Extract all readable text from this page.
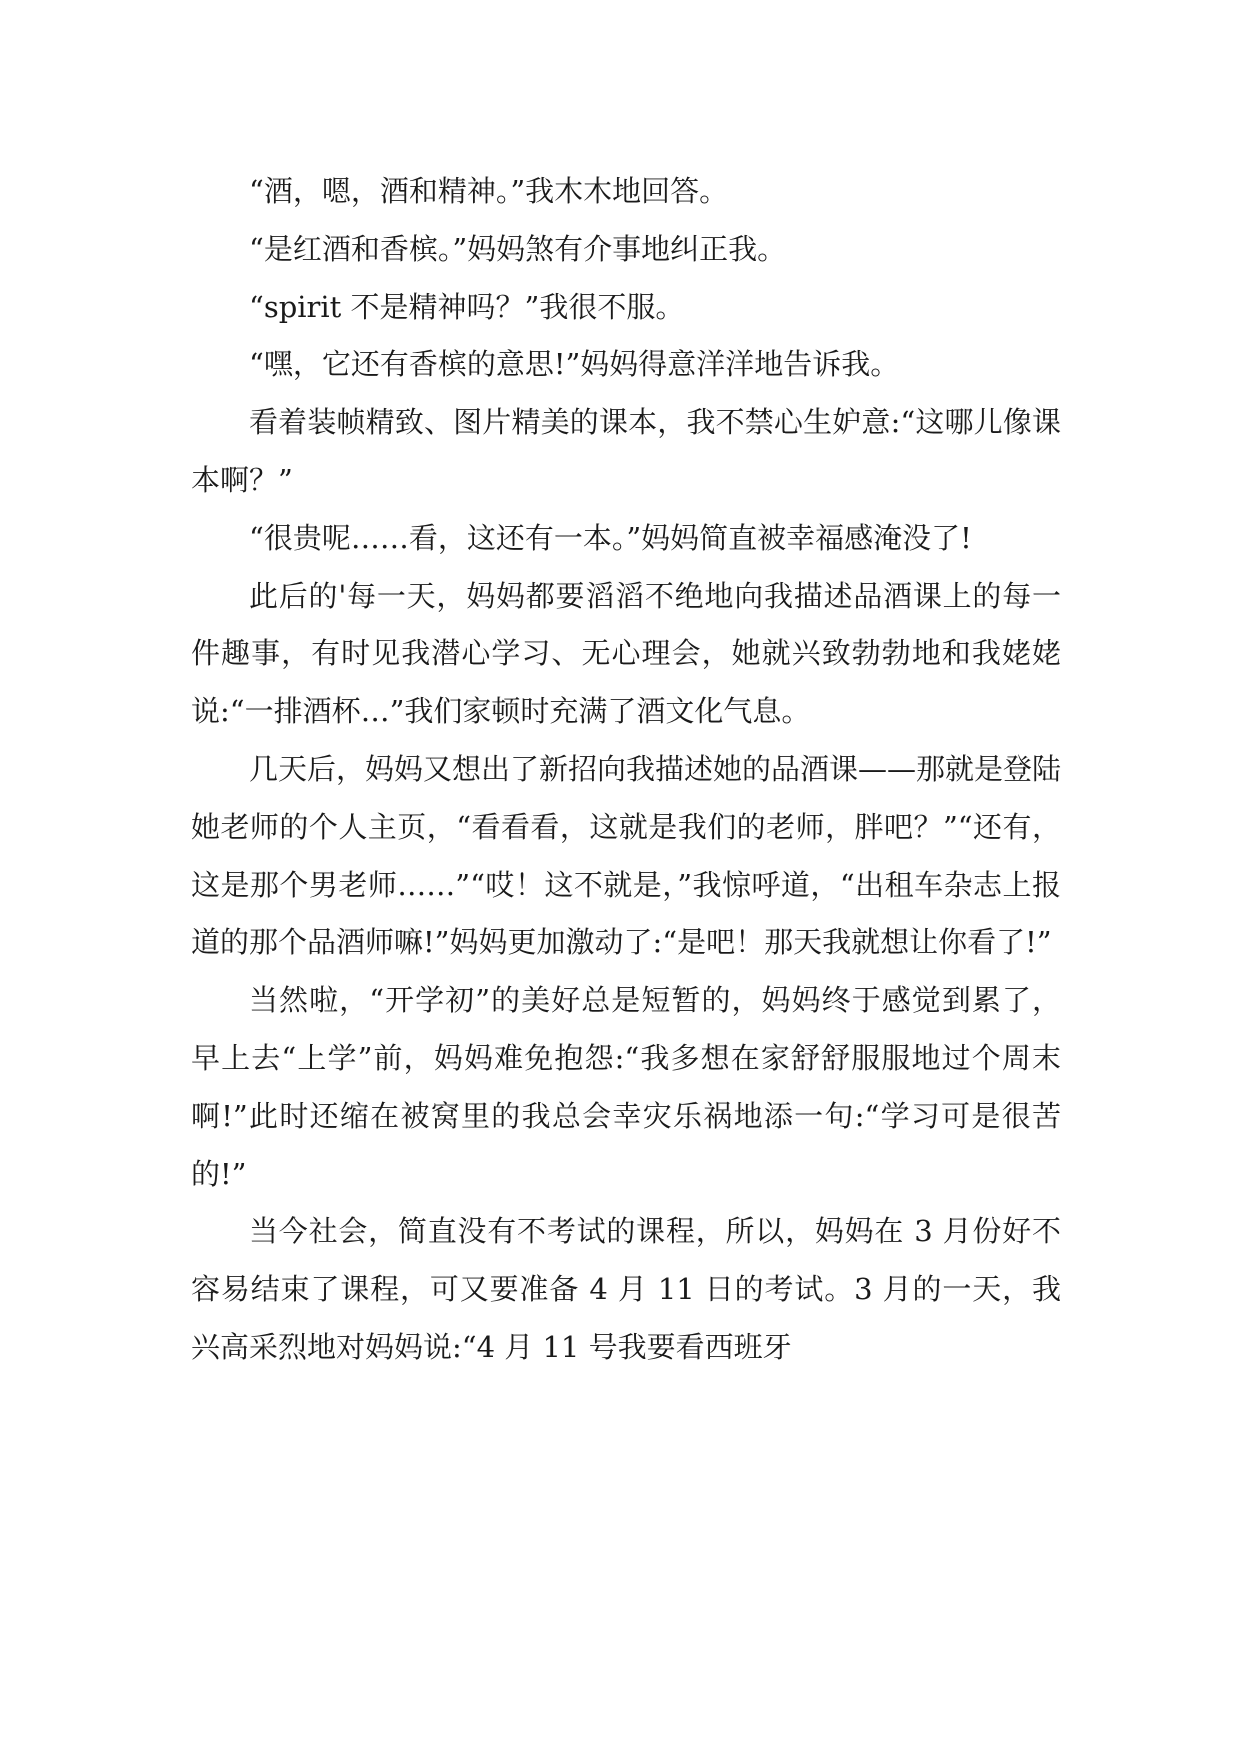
“酒，嗯，酒和精神。”我木木地回答。

“是红酒和香槟。”妈妈煞有介事地纠正我。

“spirit 不是精神吗？”我很不服。

“嘿，它还有香槟的意思!”妈妈得意洋洋地告诉我。

看着装帧精致、图片精美的课本，我不禁心生妒意:“这哪儿像课本啊？”

“很贵呢……看，这还有一本。”妈妈简直被幸福感淹没了!

此后的'每一天，妈妈都要滔滔不绝地向我描述品酒课上的每一件趣事，有时见我潜心学习、无心理会，她就兴致勃勃地和我姥姥说:“一排酒杯…”我们家顿时充满了酒文化气息。

几天后，妈妈又想出了新招向我描述她的品酒课——那就是登陆她老师的个人主页，“看看看，这就是我们的老师，胖吧？”“还有，这是那个男老师……”“哎！这不就是，”我惊呼道，“出租车杂志上报道的那个品酒师嘛!”妈妈更加激动了:“是吧！那天我就想让你看了!”

当然啦，“开学初”的美好总是短暂的，妈妈终于感觉到累了，早上去“上学”前，妈妈难免抱怨:“我多想在家舒舒服服地过个周末啊!”此时还缩在被窝里的我总会幸灾乐祸地添一句:“学习可是很苦的!”

当今社会，简直没有不考试的课程，所以，妈妈在 3 月份好不容易结束了课程，可又要准备 4 月 11 日的考试。3 月的一天，我兴高采烈地对妈妈说:“4 月 11 号我要看西班牙
